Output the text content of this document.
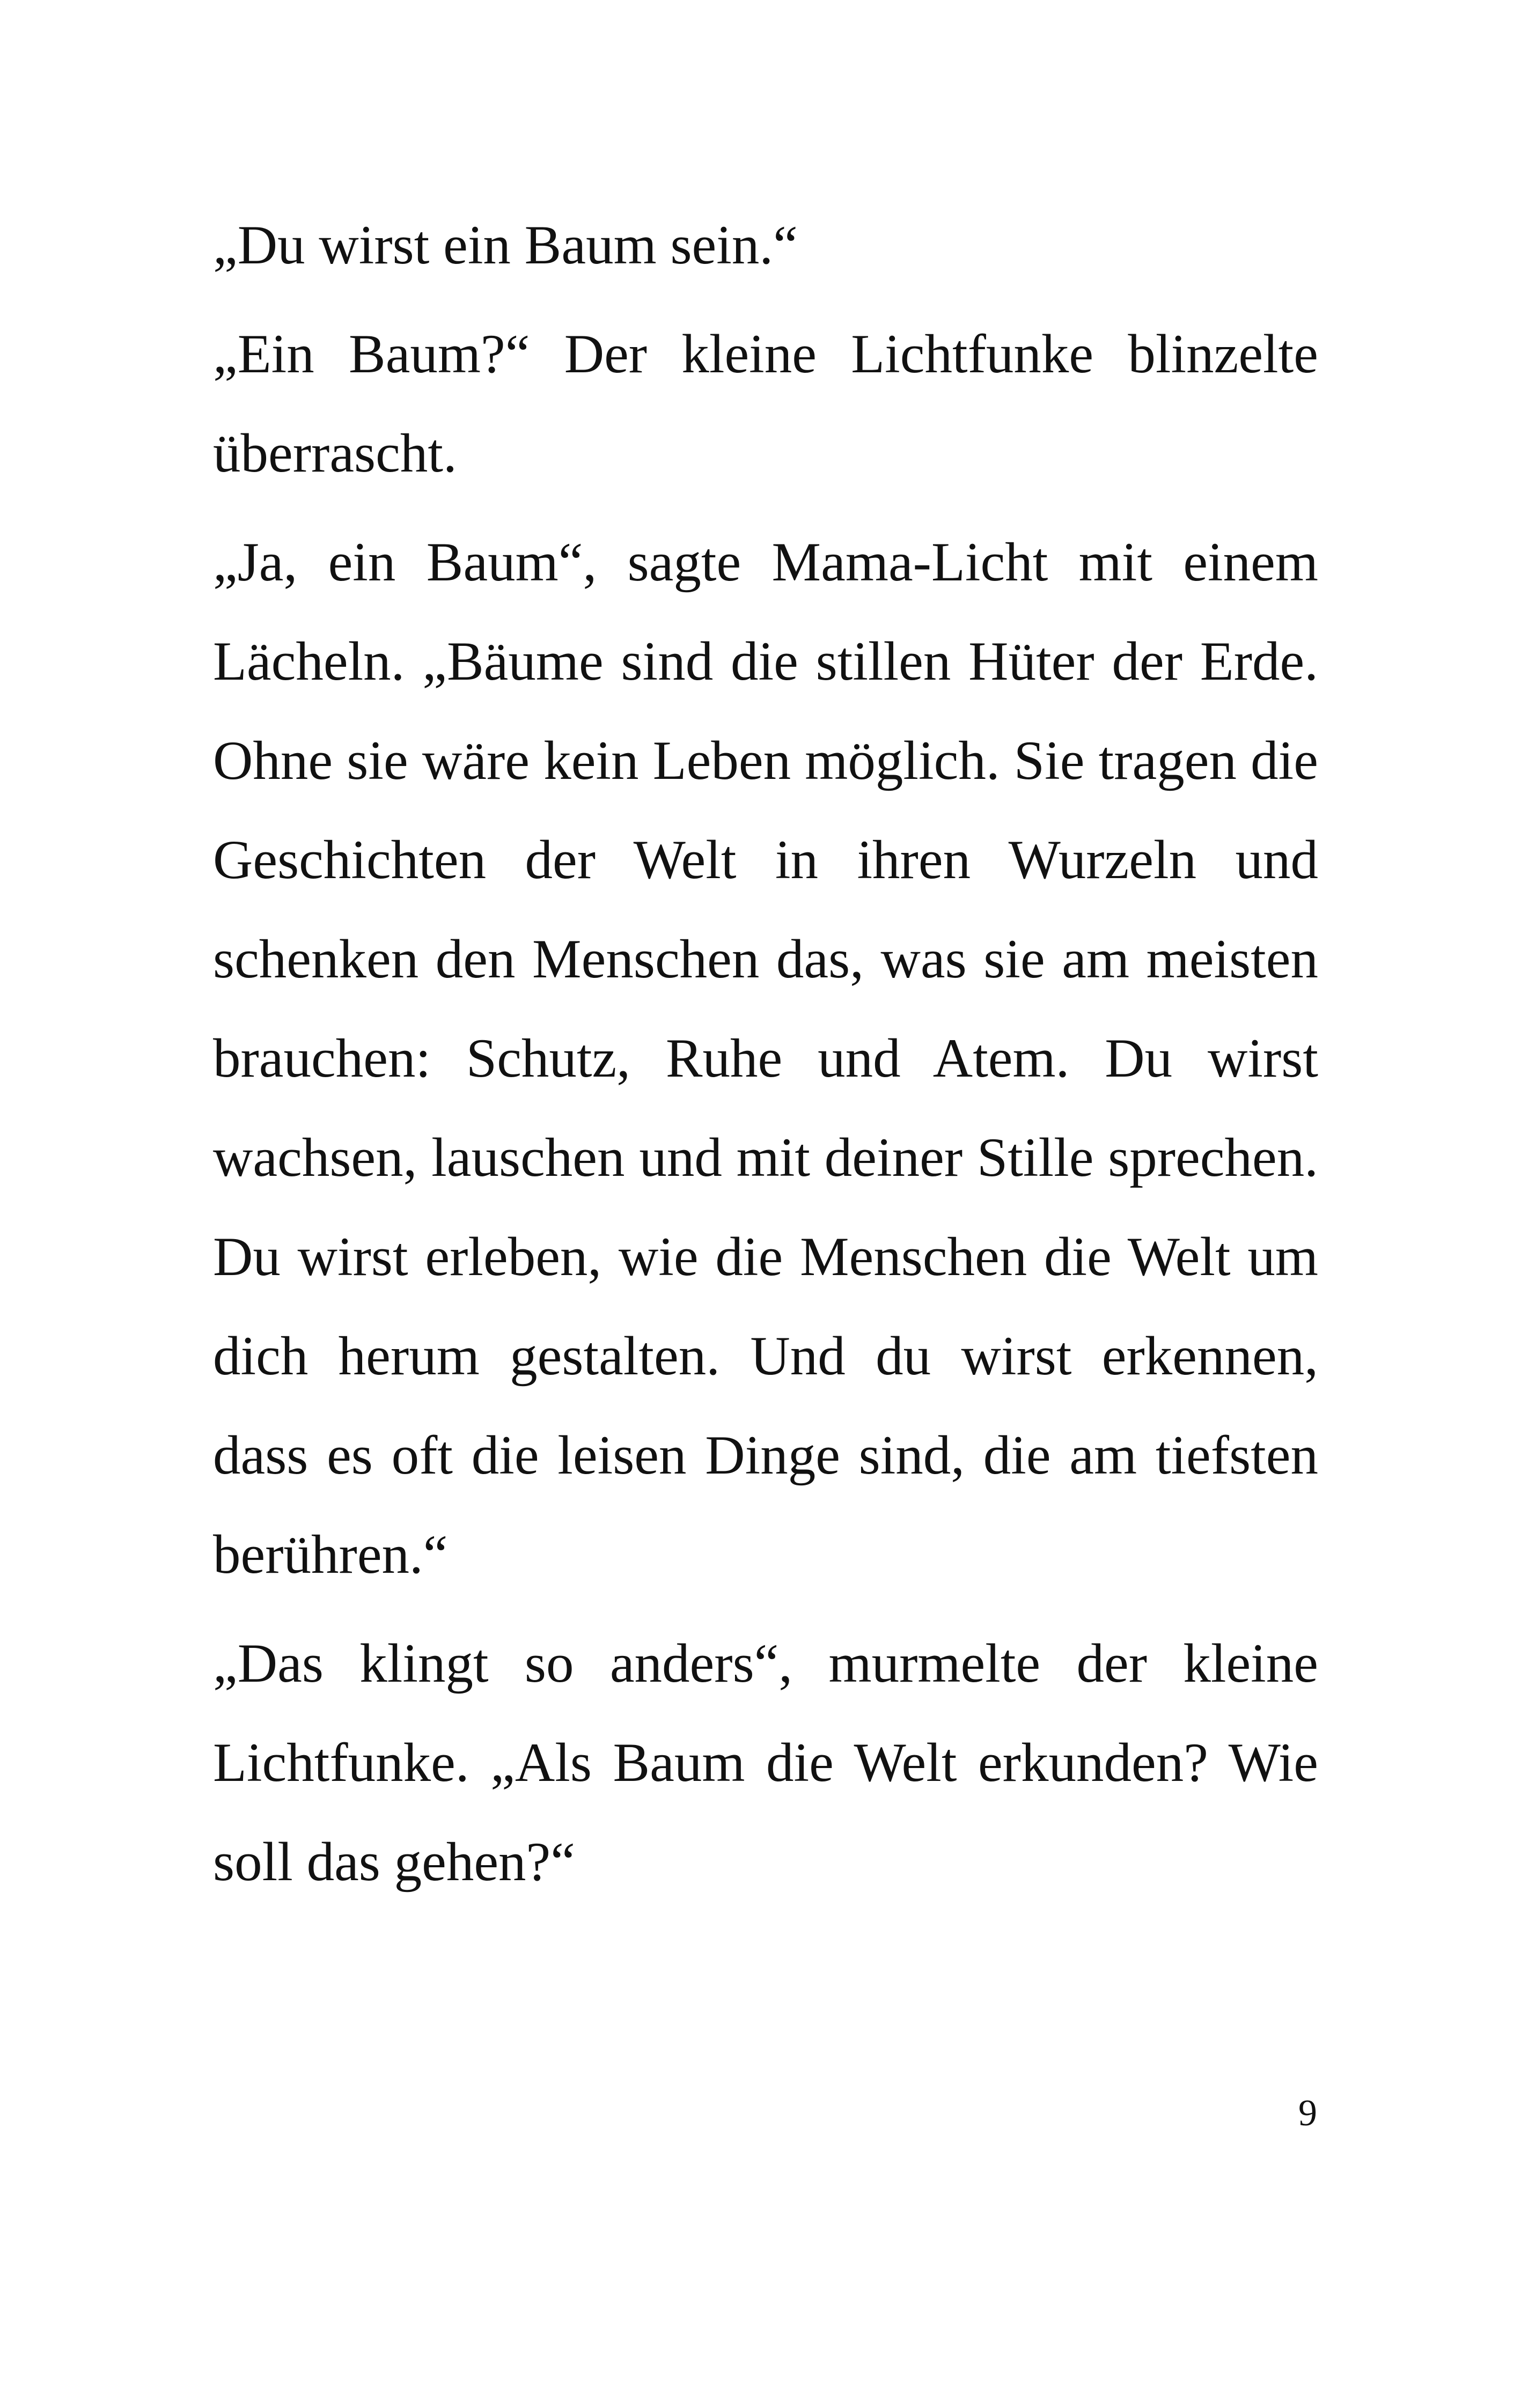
„Du wirst ein Baum sein.“

„Ein Baum?“ Der kleine Lichtfunke blinzelte überrascht.

„Ja, ein Baum“, sagte Mama-Licht mit einem Lächeln. „Bäume sind die stillen Hüter der Erde. Ohne sie wäre kein Leben möglich. Sie tragen die Geschichten der Welt in ihren Wurzeln und schenken den Menschen das, was sie am meisten brauchen: Schutz, Ruhe und Atem. Du wirst wachsen, lauschen und mit deiner Stille sprechen. Du wirst erleben, wie die Menschen die Welt um dich herum gestalten. Und du wirst erkennen, dass es oft die leisen Dinge sind, die am tiefsten berühren.“

„Das klingt so anders“, murmelte der kleine Lichtfunke. „Als Baum die Welt erkunden? Wie soll das gehen?“

9
